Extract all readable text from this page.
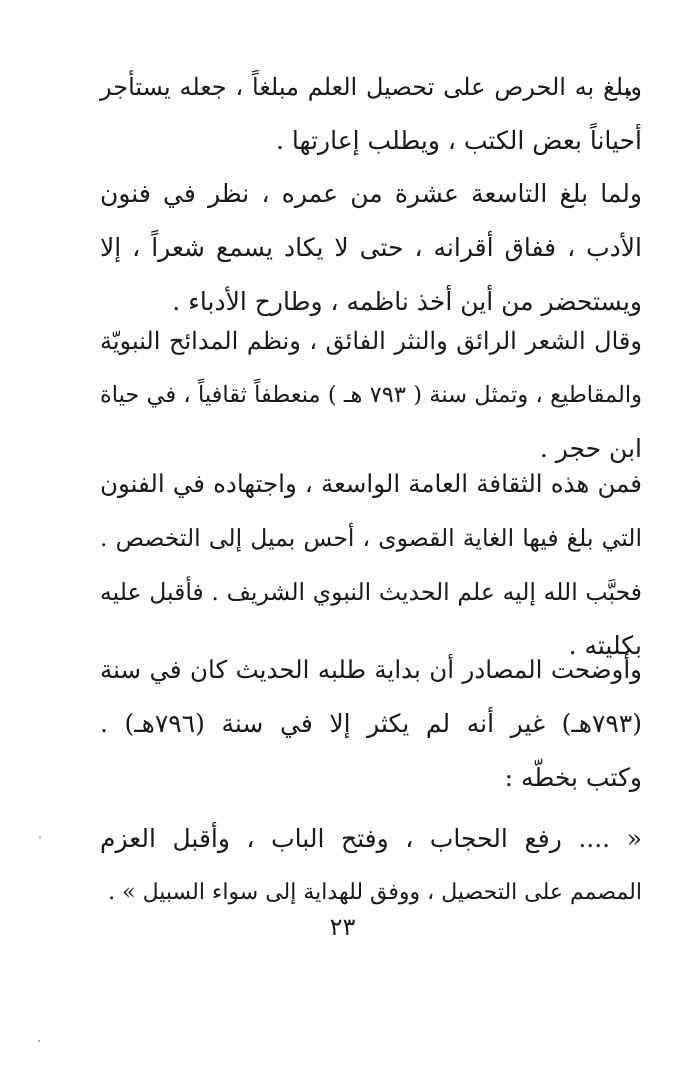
وبلغ به الحرص على تحصيل العلم مبلغاً ، جعله يستأجر
أحياناً بعض الكتب ، ويطلب إعارتها .
ولما بلغ التاسعة عشرة من عمره ، نظر في فنون
الأدب ، ففاق أقرانه ، حتى لا يكاد يسمع شعراً ، إلا
ويستحضر من أين أخذ ناظمه ، وطارح الأدباء .
وقال الشعر الرائق والنثر الفائق ، ونظم المدائح النبويّة
والمقاطيع ، وتمثل سنة ( ٧٩٣ هـ ) منعطفاً ثقافياً ، في حياة
ابن حجر .
فمن هذه الثقافة العامة الواسعة ، واجتهاده في الفنون
التي بلغ فيها الغاية القصوى ، أحس بميل إلى التخصص .
فحبَّب الله إليه علم الحديث النبوي الشريف . فأقبل عليه
بكليته .
وأوضحت المصادر أن بداية طلبه الحديث كان في سنة
(٧٩٣هـ) غير أنه لم يكثر إلا في سنة (٧٩٦هـ) .
وكتب بخطّه :
« .... رفع الحجاب ، وفتح الباب ، وأقبل العزم
المصمم على التحصيل ، ووفق للهداية إلى سواء السبيل » .
٢٣
